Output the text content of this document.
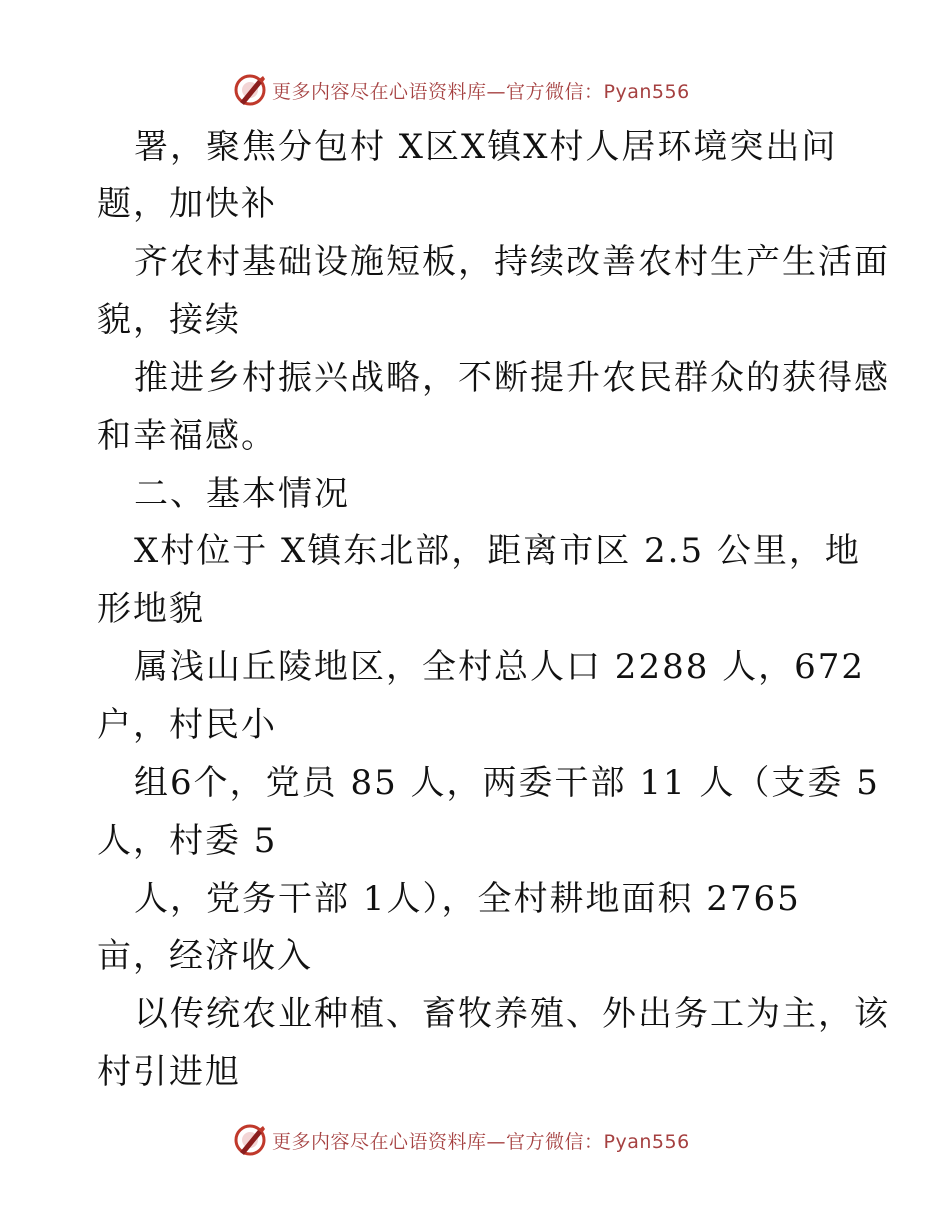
更多内容尽在心语资料库—官方微信：Pyan556
署，聚焦分包村 X区X镇X村人居环境突出问
题，加快补
齐农村基础设施短板，持续改善农村生产生活面
貌，接续
推进乡村振兴战略，不断提升农民群众的获得感
和幸福感。
二、基本情况
X村位于 X镇东北部，距离市区 2.5 公里，地
形地貌
属浅山丘陵地区，全村总人口 2288 人，672
户，村民小
组6个，党员 85 人，两委干部 11 人（支委 5
人，村委 5
人，党务干部 1人），全村耕地面积 2765
亩，经济收入
以传统农业种植、畜牧养殖、外出务工为主，该
村引进旭
更多内容尽在心语资料库—官方微信：Pyan556
